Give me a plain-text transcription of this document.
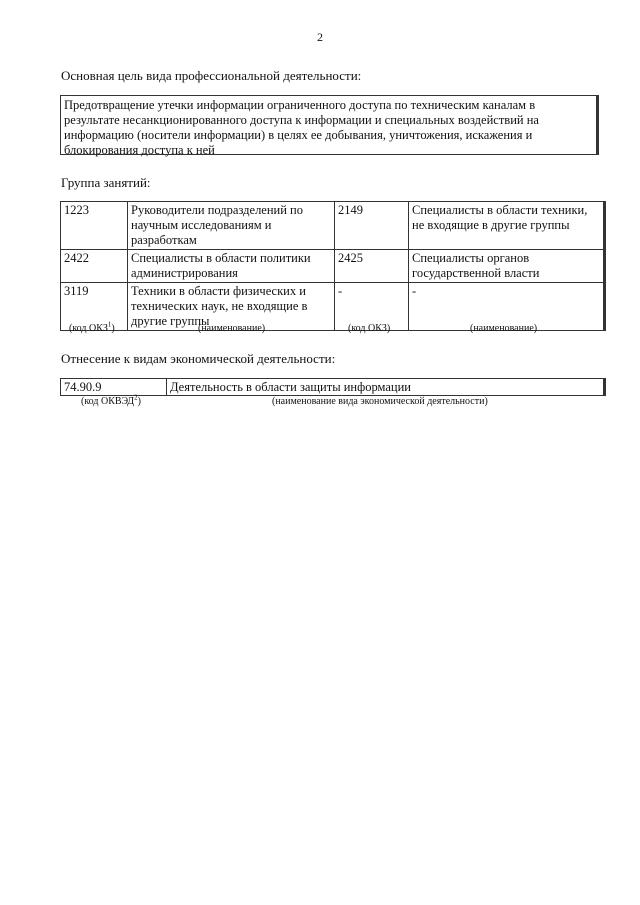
2
Основная цель вида профессиональной деятельности:
Предотвращение утечки информации ограниченного доступа по техническим каналам в результате несанкционированного доступа к информации и специальных воздействий на информацию (носители информации) в целях ее добывания, уничтожения, искажения и блокирования доступа к ней
Группа занятий:
1223	Руководители подразделений по научным исследованиям и разработкам	2149	Специалисты в области техники, не входящие в другие группы
2422	Специалисты в области политики администрирования	2425	Специалисты органов государственной власти
3119	Техники в области физических и технических наук, не входящие в другие группы	-	-
(код ОКЗ$^1$)	(наименование)	(код ОКЗ)	(наименование)
Отнесение к видам экономической деятельности:
74.90.9	Деятельность в области защиты информации
(код ОКВЭД$^2$)	(наименование вида экономической деятельности)
